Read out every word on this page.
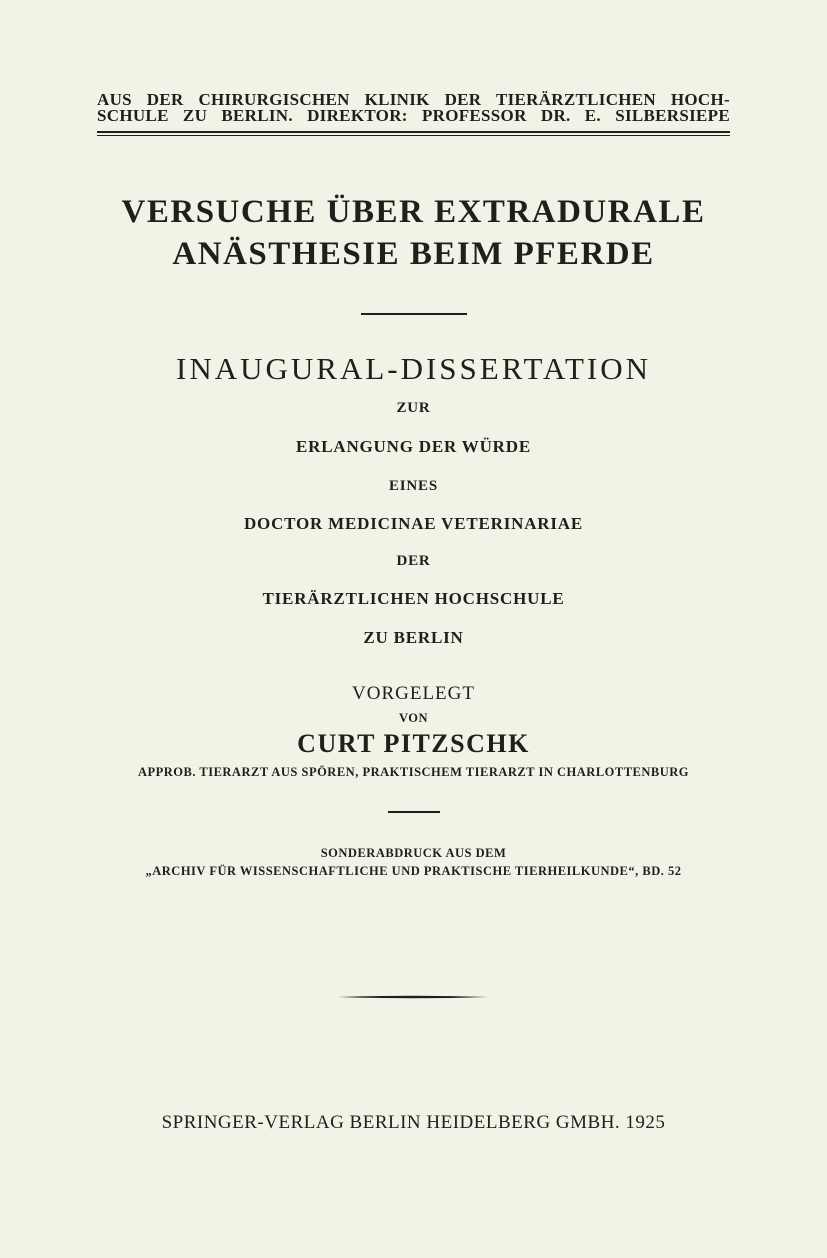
AUS DER CHIRURGISCHEN KLINIK DER TIERÄRZTLICHEN HOCH-
SCHULE ZU BERLIN. DIREKTOR: PROFESSOR DR. E. SILBERSIEPE
VERSUCHE ÜBER EXTRADURALE
ANÄSTHESIE BEIM PFERDE
INAUGURAL-DISSERTATION
ZUR
ERLANGUNG DER WÜRDE
EINES
DOCTOR MEDICINAE VETERINARIAE
DER
TIERÄRZTLICHEN HOCHSCHULE
ZU BERLIN
VORGELEGT
VON
CURT PITZSCHK
APPROB. TIERARZT AUS SPÖREN, PRAKTISCHEM TIERARZT IN CHARLOTTENBURG
SONDERABDRUCK AUS DEM
„ARCHIV FÜR WISSENSCHAFTLICHE UND PRAKTISCHE TIERHEILKUNDE“, BD. 52
SPRINGER-VERLAG BERLIN HEIDELBERG GMBH. 1925
